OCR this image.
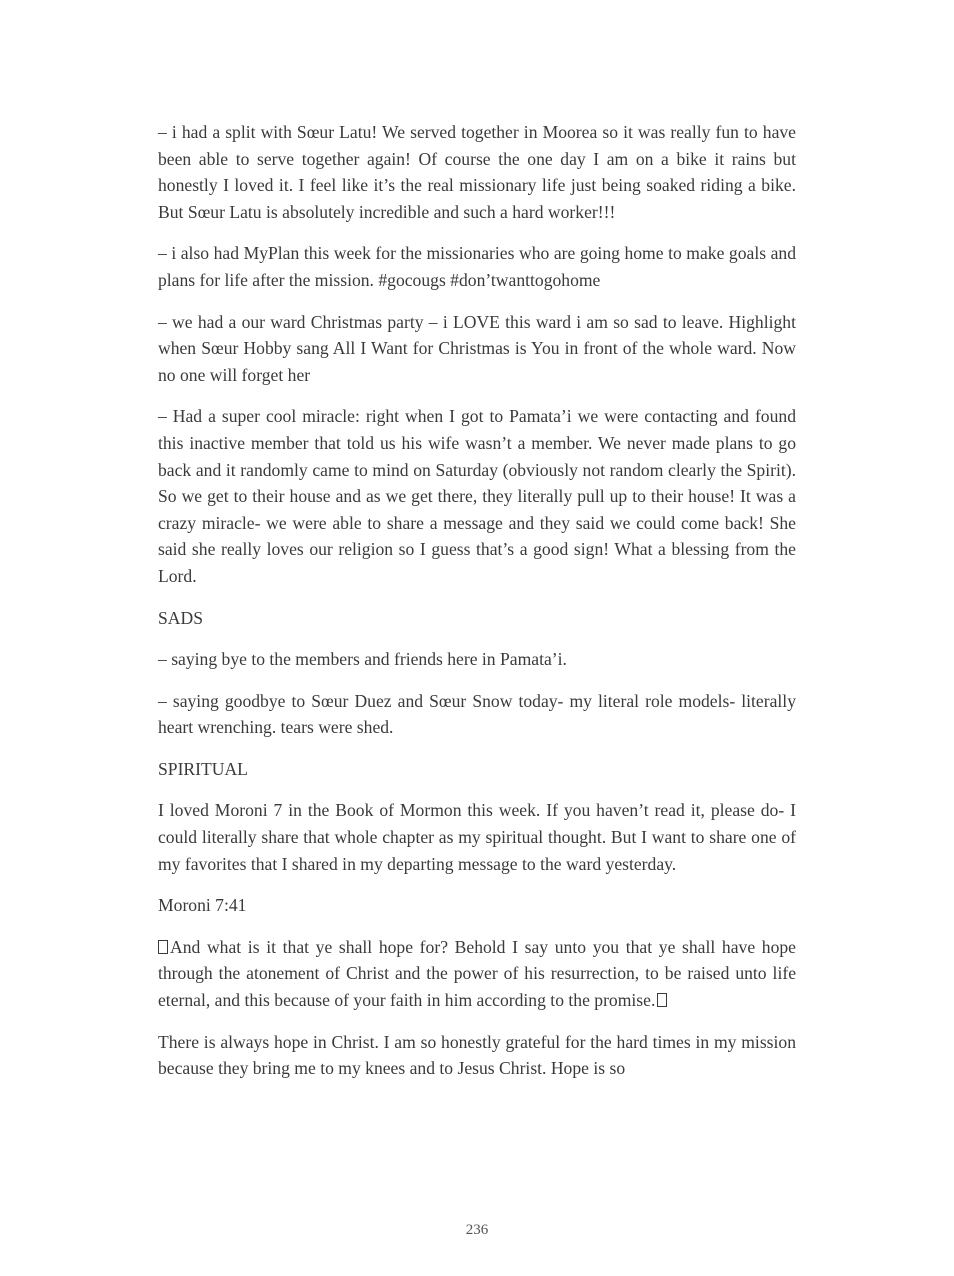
– i had a split with Sœur Latu! We served together in Moorea so it was really fun to have been able to serve together again! Of course the one day I am on a bike it rains but honestly I loved it. I feel like it’s the real missionary life just being soaked riding a bike. But Sœur Latu is absolutely incredible and such a hard worker!!!

– i also had MyPlan this week for the missionaries who are going home to make goals and plans for life after the mission. #gocougs #don’twanttogohome

– we had a our ward Christmas party – i LOVE this ward i am so sad to leave. Highlight when Sœur Hobby sang All I Want for Christmas is You in front of the whole ward. Now no one will forget her

– Had a super cool miracle: right when I got to Pamata’i we were contacting and found this inactive member that told us his wife wasn’t a member. We never made plans to go back and it randomly came to mind on Saturday (obviously not random clearly the Spirit). So we get to their house and as we get there, they literally pull up to their house! It was a crazy miracle- we were able to share a message and they said we could come back! She said she really loves our religion so I guess that’s a good sign! What a blessing from the Lord.

SADS

– saying bye to the members and friends here in Pamata’i.

– saying goodbye to Sœur Duez and Sœur Snow today- my literal role models- literally heart wrenching. tears were shed.

SPIRITUAL

I loved Moroni 7 in the Book of Mormon this week. If you haven’t read it, please do- I could literally share that whole chapter as my spiritual thought. But I want to share one of my favorites that I shared in my departing message to the ward yesterday.

Moroni 7:41

And what is it that ye shall hope for? Behold I say unto you that ye shall have hope through the atonement of Christ and the power of his resurrection, to be raised unto life eternal, and this because of your faith in him according to the promise.

There is always hope in Christ. I am so honestly grateful for the hard times in my mission because they bring me to my knees and to Jesus Christ. Hope is so

236
